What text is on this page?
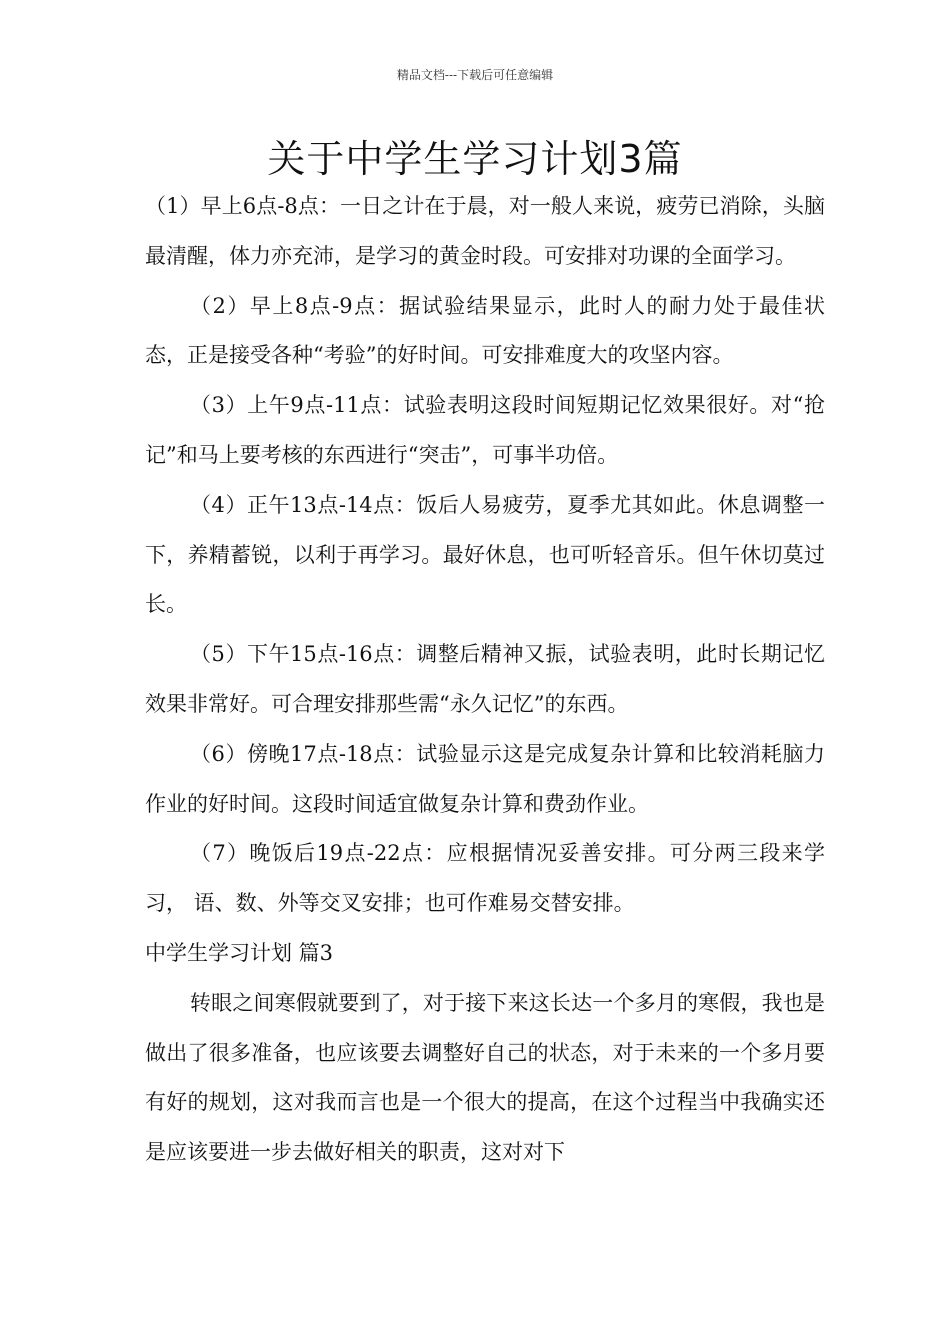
精品文档---下载后可任意编辑
关于中学生学习计划3篇

（1）早上6点-8点：一日之计在于晨，对一般人来说，疲劳已消除，头脑最清醒，体力亦充沛，是学习的黄金时段。可安排对功课的全面学习。

（2）早上8点-9点：据试验结果显示，此时人的耐力处于最佳状态，正是接受各种“考验”的好时间。可安排难度大的攻坚内容。

（3）上午9点-11点：试验表明这段时间短期记忆效果很好。对“抢记”和马上要考核的东西进行“突击”，可事半功倍。

（4）正午13点-14点：饭后人易疲劳，夏季尤其如此。休息调整一下，养精蓄锐，以利于再学习。最好休息，也可听轻音乐。但午休切莫过长。

（5）下午15点-16点：调整后精神又振，试验表明，此时长期记忆效果非常好。可合理安排那些需“永久记忆”的东西。

（6）傍晚17点-18点：试验显示这是完成复杂计算和比较消耗脑力作业的好时间。这段时间适宜做复杂计算和费劲作业。

（7）晚饭后19点-22点：应根据情况妥善安排。可分两三段来学习， 语、数、外等交叉安排；也可作难易交替安排。

中学生学习计划 篇3

转眼之间寒假就要到了，对于接下来这长达一个多月的寒假，我也是做出了很多准备，也应该要去调整好自己的状态，对于未来的一个多月要有好的规划，这对我而言也是一个很大的提高，在这个过程当中我确实还是应该要进一步去做好相关的职责，这对对下
